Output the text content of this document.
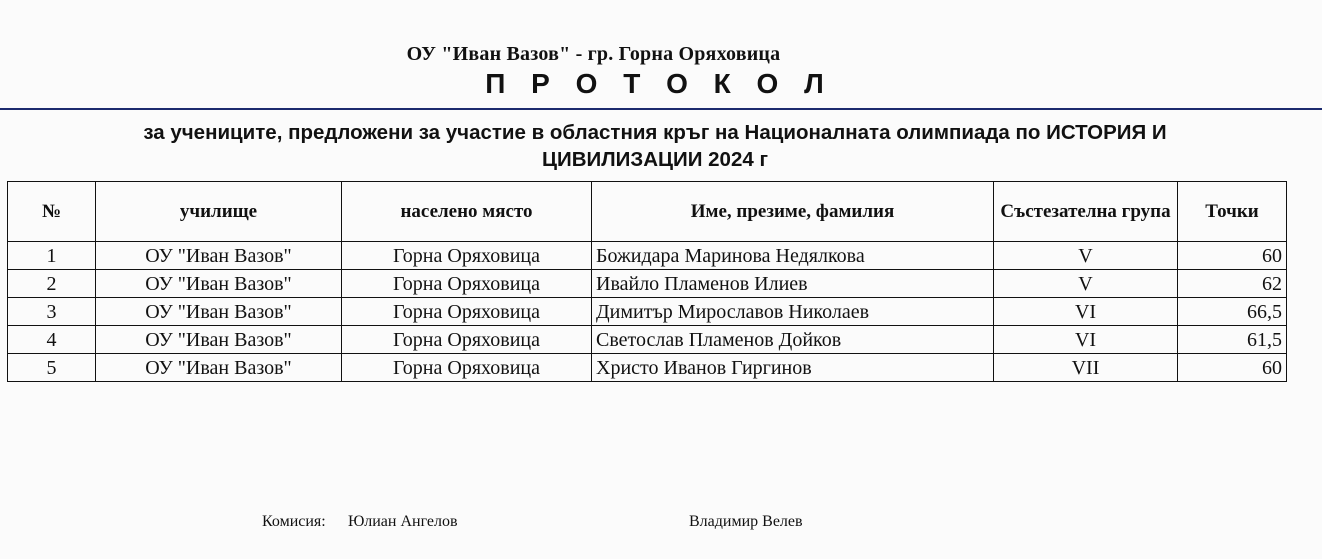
ОУ "Иван Вазов" - гр. Горна Оряховица
П Р О Т О К О Л
за учениците, предложени за участие в областния кръг на Националната олимпиада по ИСТОРИЯ И
ЦИВИЛИЗАЦИИ 2024 г
№	училище	населено място	Име, презиме, фамилия	Състезателна група	Точки
1	ОУ "Иван Вазов"	Горна Оряховица	Божидара Маринова Недялкова	V	60
2	ОУ "Иван Вазов"	Горна Оряховица	Ивайло Пламенов Илиев	V	62
3	ОУ "Иван Вазов"	Горна Оряховица	Димитър Мирославов Николаев	VI	66,5
4	ОУ "Иван Вазов"	Горна Оряховица	Светослав Пламенов Дойков	VI	61,5
5	ОУ "Иван Вазов"	Горна Оряховица	Христо Иванов Гиргинов	VII	60
Комисия: Юлиан Ангелов	Владимир Велев
